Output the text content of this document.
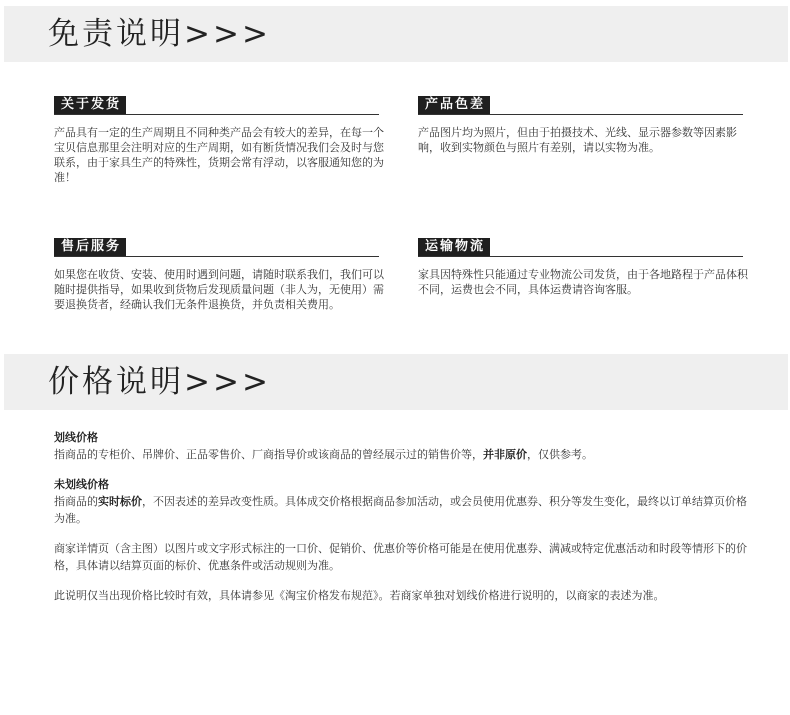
免责说明>>>
关于发货
产品具有一定的生产周期且不同种类产品会有较大的差异，在每一个宝贝信息那里会注明对应的生产周期，如有断货情况我们会及时与您联系，由于家具生产的特殊性，货期会常有浮动，以客服通知您的为准！
产品色差
产品图片均为照片，但由于拍摄技术、光线、显示器参数等因素影响，收到实物颜色与照片有差别，请以实物为准。
售后服务
如果您在收货、安装、使用时遇到问题，请随时联系我们，我们可以随时提供指导，如果收到货物后发现质量问题（非人为，无使用）需要退换货者，经确认我们无条件退换货，并负责相关费用。
运输物流
家具因特殊性只能通过专业物流公司发货，由于各地路程于产品体积不同，运费也会不同，具体运费请咨询客服。
价格说明>>>

划线价格

指商品的专柜价、吊牌价、正品零售价、厂商指导价或该商品的曾经展示过的销售价等，并非原价，仅供参考。

未划线价格

指商品的实时标价，不因表述的差异改变性质。具体成交价格根据商品参加活动，或会员使用优惠券、积分等发生变化，最终以订单结算页价格为准。

商家详情页（含主图）以图片或文字形式标注的一口价、促销价、优惠价等价格可能是在使用优惠券、满减或特定优惠活动和时段等情形下的价格，具体请以结算页面的标价、优惠条件或活动规则为准。

此说明仅当出现价格比较时有效，具体请参见《淘宝价格发布规范》。若商家单独对划线价格进行说明的，以商家的表述为准。
